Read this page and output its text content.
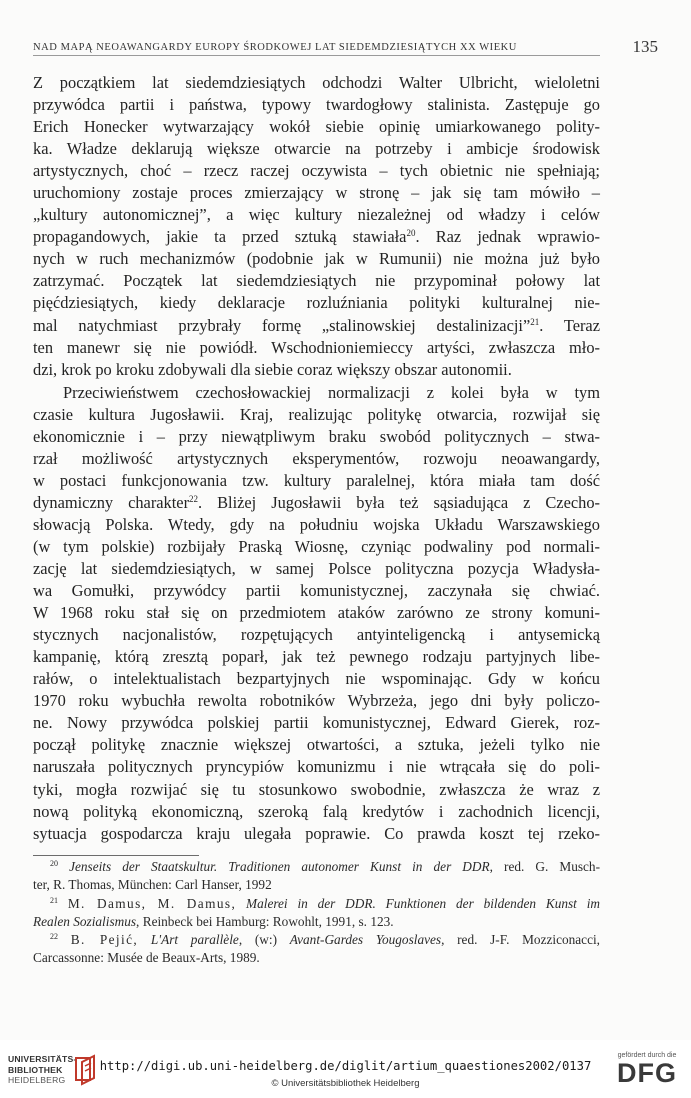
NAD MAPĄ NEOAWANGARDY EUROPY ŚRODKOWEJ LAT SIEDEMDZIESIĄTYCH XX WIEKU	135

Z początkiem lat siedemdziesiątych odchodzi Walter Ulbricht, wieloletni
przywódca partii i państwa, typowy twardogłowy stalinista. Zastępuje go
Erich Honecker wytwarzający wokół siebie opinię umiarkowanego polity-
ka. Władze deklarują większe otwarcie na potrzeby i ambicje środowisk
artystycznych, choć – rzecz raczej oczywista – tych obietnic nie spełniają;
uruchomiony zostaje proces zmierzający w stronę – jak się tam mówiło –
„kultury autonomicznej”, a więc kultury niezależnej od władzy i celów
propagandowych, jakie ta przed sztuką stawiała$^{20}$. Raz jednak wprawio-
nych w ruch mechanizmów (podobnie jak w Rumunii) nie można już było
zatrzymać. Początek lat siedemdziesiątych nie przypominał połowy lat
pięćdziesiątych, kiedy deklaracje rozluźniania polityki kulturalnej nie-
mal natychmiast przybrały formę „stalinowskiej destalinizacji”$^{21}$. Teraz
ten manewr się nie powiódł. Wschodnioniemieccy artyści, zwłaszcza mło-
dzi, krok po kroku zdobywali dla siebie coraz większy obszar autonomii.

Przeciwieństwem czechosłowackiej normalizacji z kolei była w tym
czasie kultura Jugosławii. Kraj, realizując politykę otwarcia, rozwijał się
ekonomicznie i – przy niewątpliwym braku swobód politycznych – stwa-
rzał możliwość artystycznych eksperymentów, rozwoju neoawangardy,
w postaci funkcjonowania tzw. kultury paralelnej, która miała tam dość
dynamiczny charakter$^{22}$. Bliżej Jugosławii była też sąsiadująca z Czecho-
słowacją Polska. Wtedy, gdy na południu wojska Układu Warszawskiego
(w tym polskie) rozbijały Praską Wiosnę, czyniąc podwaliny pod normali-
zację lat siedemdziesiątych, w samej Polsce polityczna pozycja Władysła-
wa Gomułki, przywódcy partii komunistycznej, zaczynała się chwiać.
W 1968 roku stał się on przedmiotem ataków zarówno ze strony komuni-
stycznych nacjonalistów, rozpętujących antyinteligencką i antysemicką
kampanię, którą zresztą poparł, jak też pewnego rodzaju partyjnych libe-
rałów, o intelektualistach bezpartyjnych nie wspominając. Gdy w końcu
1970 roku wybuchła rewolta robotników Wybrzeża, jego dni były policzo-
ne. Nowy przywódca polskiej partii komunistycznej, Edward Gierek, roz-
począł politykę znacznie większej otwartości, a sztuka, jeżeli tylko nie
naruszała politycznych pryncypiów komunizmu i nie wtrącała się do poli-
tyki, mogła rozwijać się tu stosunkowo swobodnie, zwłaszcza że wraz z
nową polityką ekonomiczną, szeroką falą kredytów i zachodnich licencji,
sytuacja gospodarcza kraju ulegała poprawie. Co prawda koszt tej rzeko-

$^{20}$ Jenseits der Staatskultur. Traditionen autonomer Kunst in der DDR, red. G. Musch-
ter, R. Thomas, München: Carl Hanser, 1992
$^{21}$ M. Damus, M. Damus, Malerei in der DDR. Funktionen der bildenden Kunst im
Realen Sozialismus, Reinbeck bei Hamburg: Rowohlt, 1991, s. 123.
$^{22}$ B. Pejić, L'Art parallèle, (w:) Avant-Gardes Yougoslaves, red. J-F. Mozziconacci,
Carcassonne: Musée de Beaux-Arts, 1989.
UNIVERSITÄTS-
BIBLIOTHEK
HEIDELBERG
http://digi.ub.uni-heidelberg.de/diglit/artium_quaestiones2002/0137
© Universitätsbibliothek Heidelberg
gefördert durch die
DFG
